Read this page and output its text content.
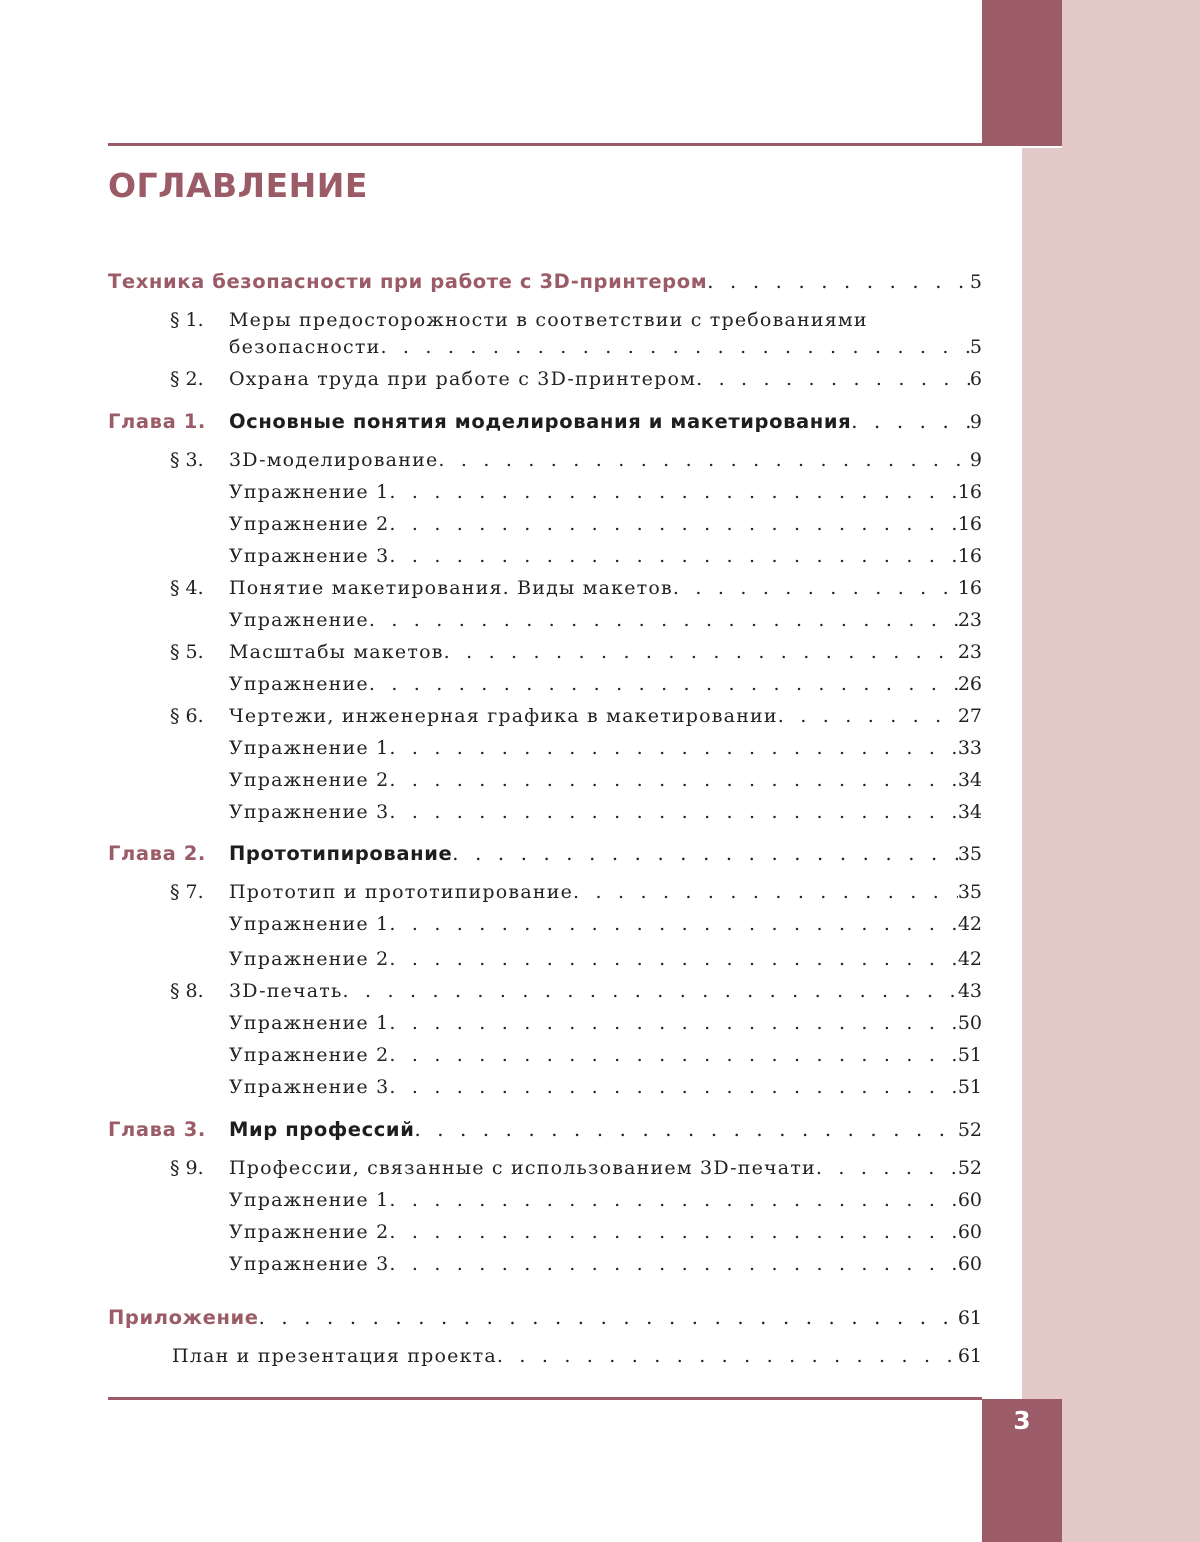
3
ОГЛАВЛЕНИЕ
Техника безопасности при работе с 3D-принтером . . .	5
§ 1. Меры предосторожности в соответствии с требованиями
безопасности . . .	5
§ 2. Охрана труда при работе с 3D-принтером . . .	6
Глава 1. Основные понятия моделирования и макетирования . . .	9
§ 3. 3D-моделирование . . .	9
Упражнение 1 . . .	16
Упражнение 2 . . .	16
Упражнение 3 . . .	16
§ 4. Понятие макетирования. Виды макетов . . .	16
Упражнение . . .	23
§ 5. Масштабы макетов . . .	23
Упражнение . . .	26
§ 6. Чертежи, инженерная графика в макетировании . . .	27
Упражнение 1 . . .	33
Упражнение 2 . . .	34
Упражнение 3 . . .	34
Глава 2. Прототипирование . . .	35
§ 7. Прототип и прототипирование . . .	35
Упражнение 1 . . .	42
Упражнение 2 . . .	42
§ 8. 3D-печать . . .	43
Упражнение 1 . . .	50
Упражнение 2 . . .	51
Упражнение 3 . . .	51
Глава 3. Мир профессий . . .	52
§ 9. Профессии, связанные с использованием 3D-печати . . .	52
Упражнение 1 . . .	60
Упражнение 2 . . .	60
Упражнение 3 . . .	60
Приложение . . .	61
План и презентация проекта . . .	61
